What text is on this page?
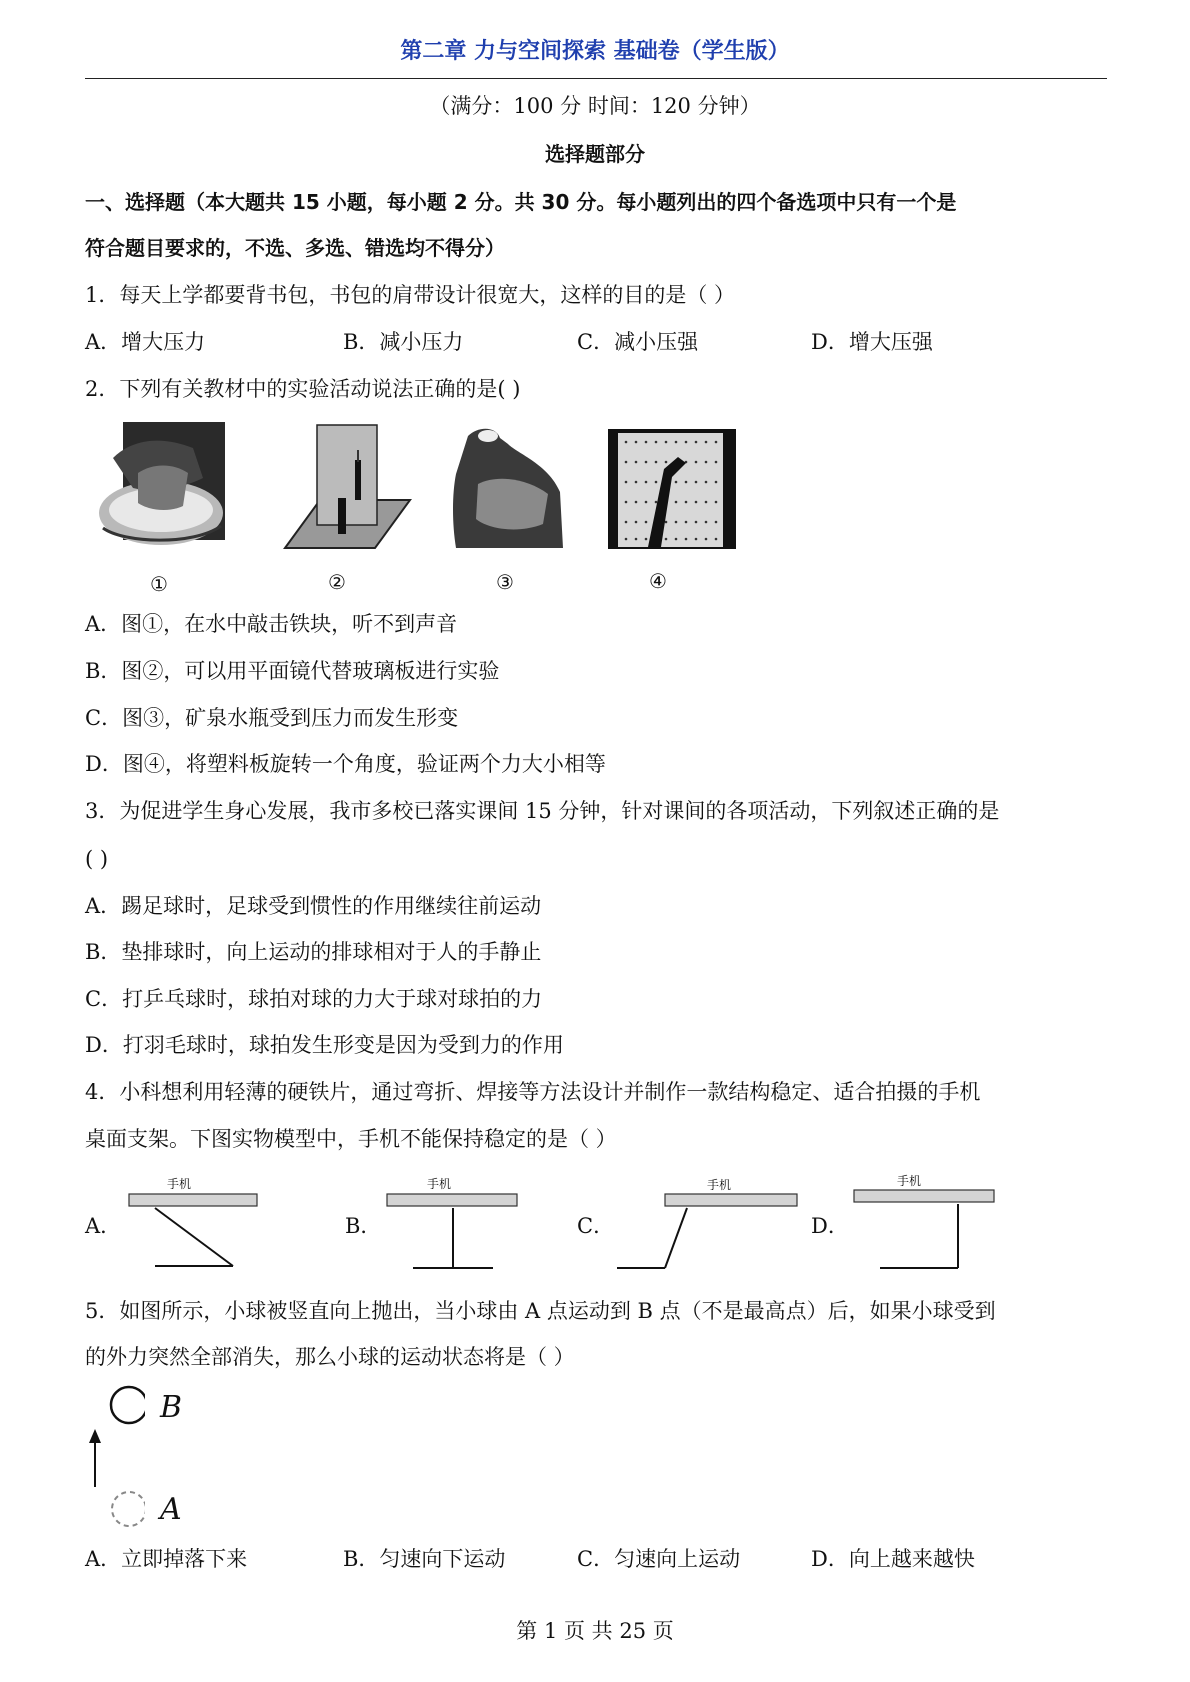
第二章 力与空间探索 基础卷（学生版）
（满分：100 分 时间：120 分钟）
选择题部分
一、选择题（本大题共 15 小题，每小题 2 分。共 30 分。每小题列出的四个备选项中只有一个是
符合题目要求的，不选、多选、错选均不得分）
1．每天上学都要背书包，书包的肩带设计很宽大，这样的目的是（ ）
A．增大压力	B．减小压力	C．减小压强	D．增大压强
2．下列有关教材中的实验活动说法正确的是( )
①	②	③	④
A．图①，在水中敲击铁块，听不到声音
B．图②，可以用平面镜代替玻璃板进行实验
C．图③，矿泉水瓶受到压力而发生形变
D．图④，将塑料板旋转一个角度，验证两个力大小相等
3．为促进学生身心发展，我市多校已落实课间 15 分钟，针对课间的各项活动，下列叙述正确的是
( )
A．踢足球时，足球受到惯性的作用继续往前运动
B．垫排球时，向上运动的排球相对于人的手静止
C．打乒乓球时，球拍对球的力大于球对球拍的力
D．打羽毛球时，球拍发生形变是因为受到力的作用
4．小科想利用轻薄的硬铁片，通过弯折、焊接等方法设计并制作一款结构稳定、适合拍摄的手机
桌面支架。下图实物模型中，手机不能保持稳定的是（ ）
A．
手机
B．
手机
C．
手机
D．
手机
5．如图所示，小球被竖直向上抛出，当小球由 A 点运动到 B 点（不是最高点）后，如果小球受到
的外力突然全部消失，那么小球的运动状态将是（ ）
B
A
A．立即掉落下来	B．匀速向下运动	C．匀速向上运动	D．向上越来越快
第 1 页 共 25 页
